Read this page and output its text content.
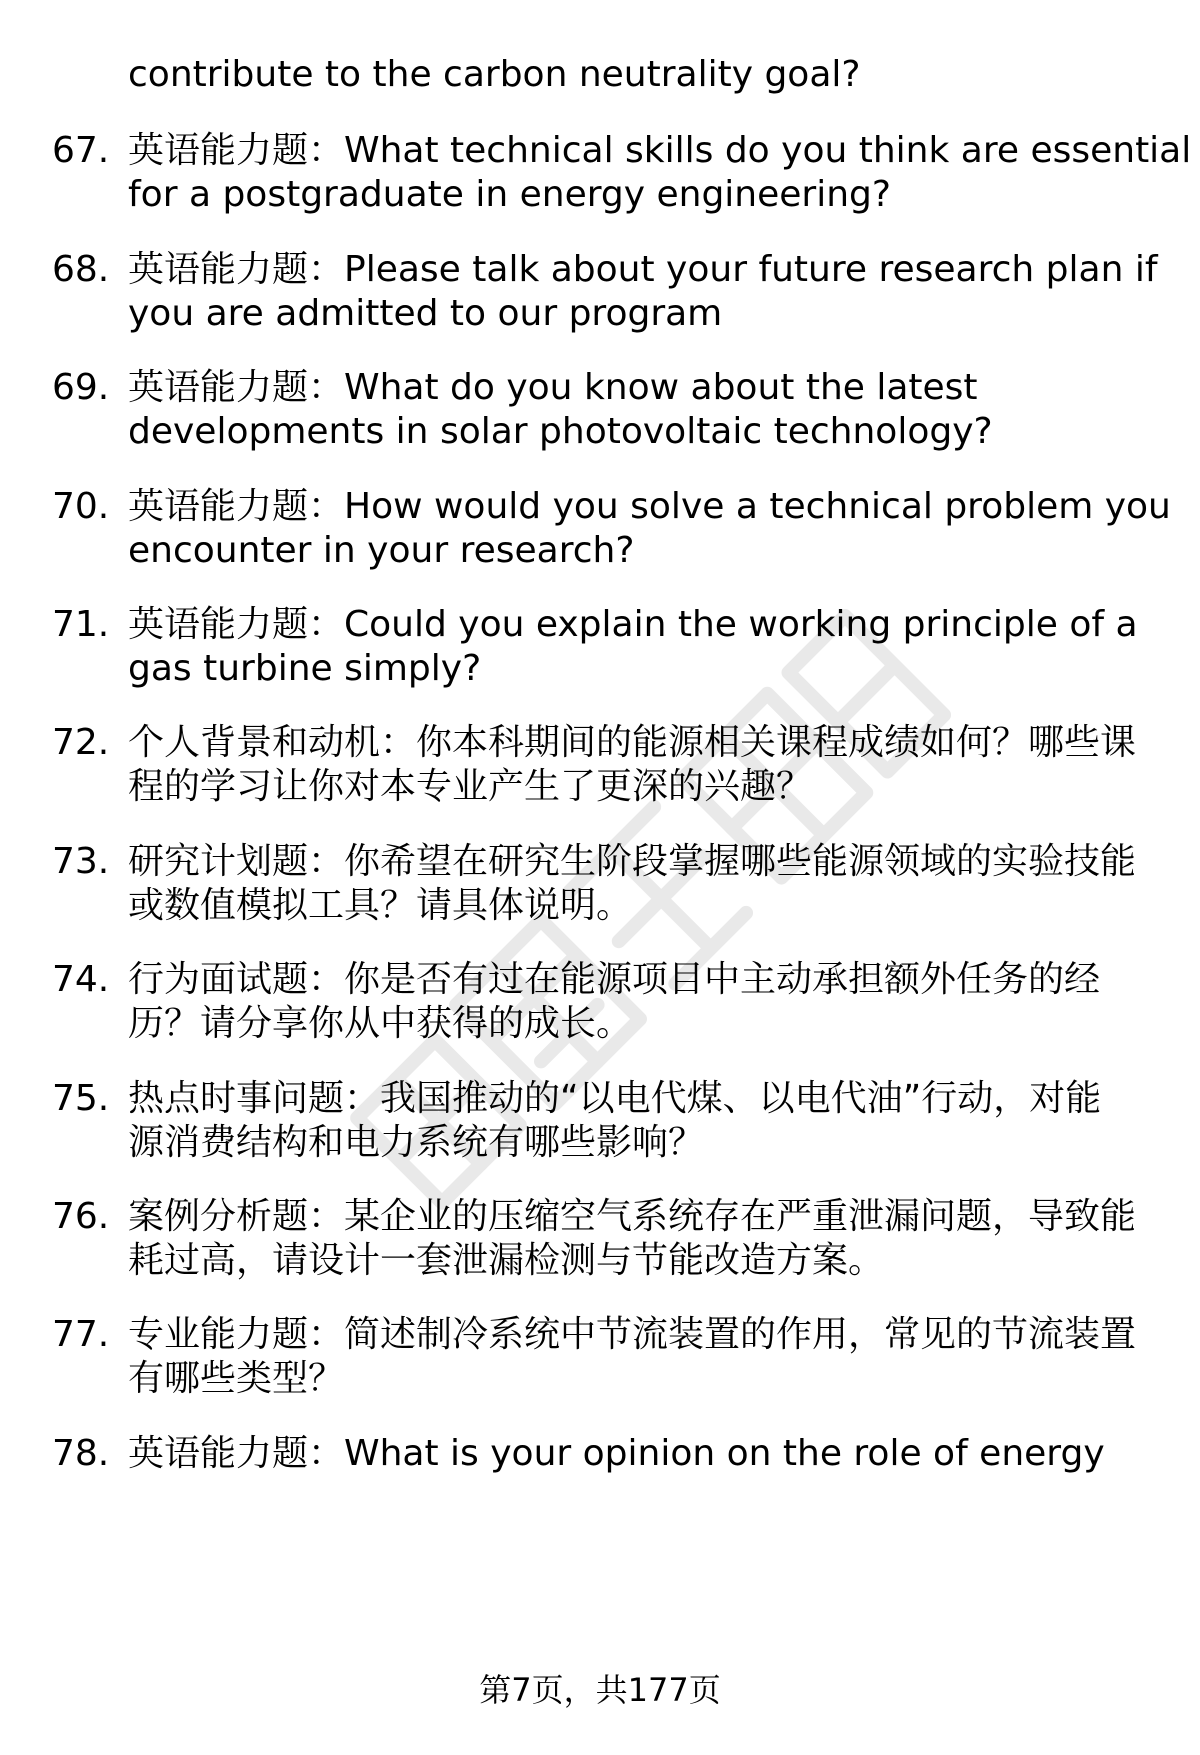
contribute to the carbon neutrality goal?
67. 英语能力题：What technical skills do you think are essential
for a postgraduate in energy engineering?
68. 英语能力题：Please talk about your future research plan if
you are admitted to our program
69. 英语能力题：What do you know about the latest
developments in solar photovoltaic technology?
70. 英语能力题：How would you solve a technical problem you
encounter in your research?
71. 英语能力题：Could you explain the working principle of a
gas turbine simply?
72. 个人背景和动机：你本科期间的能源相关课程成绩如何？哪些课
程的学习让你对本专业产生了更深的兴趣？
73. 研究计划题：你希望在研究生阶段掌握哪些能源领域的实验技能
或数值模拟工具？请具体说明。
74. 行为面试题：你是否有过在能源项目中主动承担额外任务的经
历？请分享你从中获得的成长。
75. 热点时事问题：我国推动的“以电代煤、以电代油”行动，对能
源消费结构和电力系统有哪些影响？
76. 案例分析题：某企业的压缩空气系统存在严重泄漏问题，导致能
耗过高，请设计一套泄漏检测与节能改造方案。
77. 专业能力题：简述制冷系统中节流装置的作用，常见的节流装置
有哪些类型？
78. 英语能力题：What is your opinion on the role of energy
第7页，共177页
